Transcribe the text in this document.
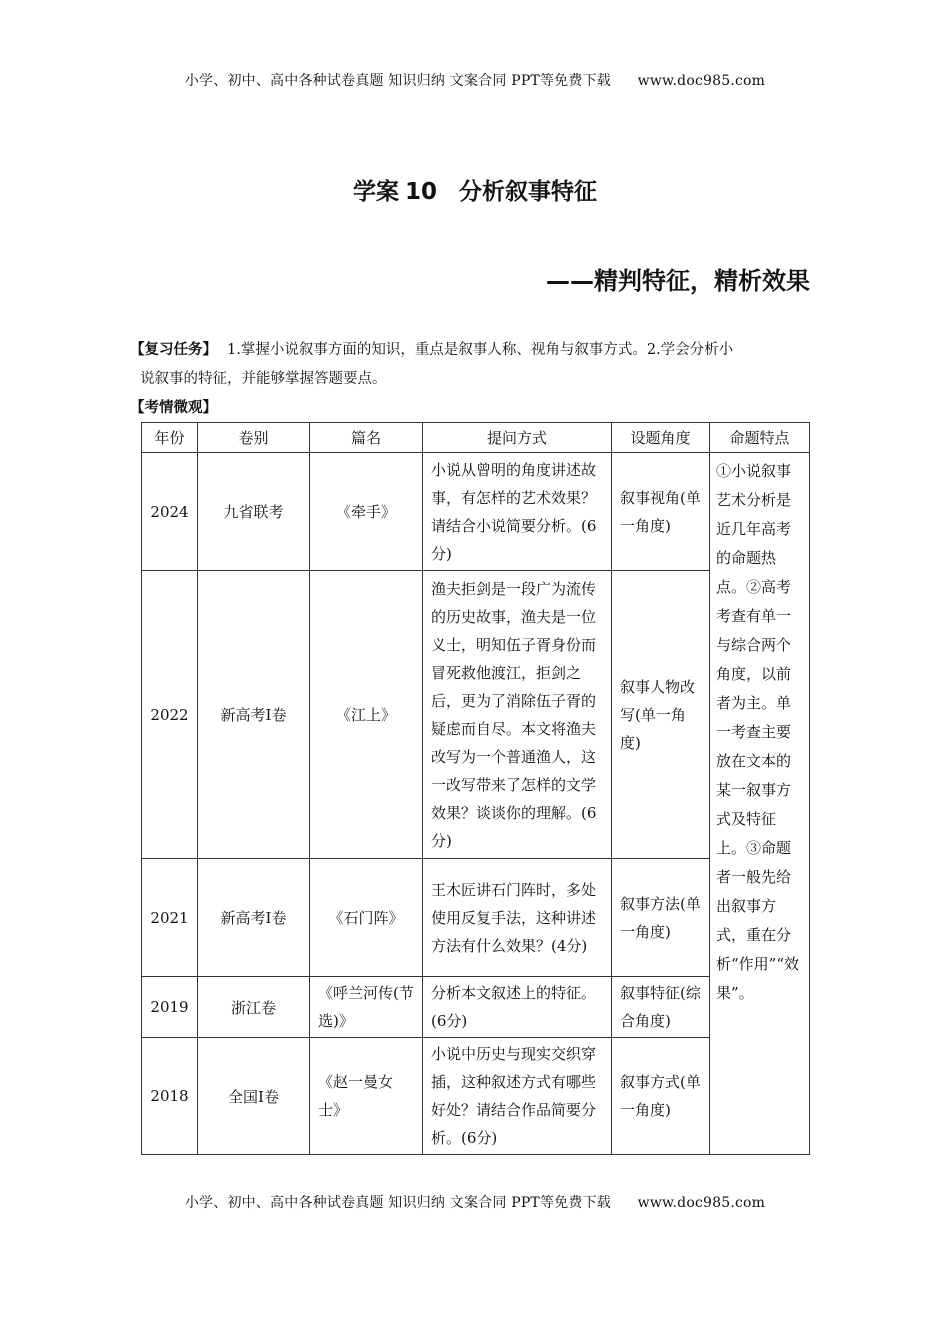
小学、初中、高中各种试卷真题 知识归纳 文案合同 PPT等免费下载 www.doc985.com
学案 10 分析叙事特征
——精判特征，精析效果
【复习任务】 1.掌握小说叙事方面的知识，重点是叙事人称、视角与叙事方式。2.学会分析小
说叙事的特征，并能够掌握答题要点。
【考情微观】
年份	卷别	篇名	提问方式	设题角度	命题特点
2024	九省联考	《牵手》	小说从曾明的角度讲述故事，有怎样的艺术效果？请结合小说简要分析。(6分)	叙事视角(单一角度)	①小说叙事艺术分析是近几年高考的命题热点。②高考考查有单一与综合两个角度，以前者为主。单一考查主要放在文本的某一叙事方式及特征上。③命题者一般先给出叙事方式，重在分析“作用”“效果”。

2022	新高考Ⅰ卷	《江上》	渔夫拒剑是一段广为流传的历史故事，渔夫是一位义士，明知伍子胥身份而冒死救他渡江，拒剑之后，更为了消除伍子胥的疑虑而自尽。本文将渔夫改写为一个普通渔人，这一改写带来了怎样的文学效果？谈谈你的理解。(6分)	叙事人物改写(单一角度)	

2021	新高考Ⅰ卷	《石门阵》	王木匠讲石门阵时，多处使用反复手法，这种讲述方法有什么效果？(4分)	叙事方法(单一角度)	

2019	浙江卷	《呼兰河传(节选)》	分析本文叙述上的特征。(6分)	叙事特征(综合角度)	

2018	全国Ⅰ卷	《赵一曼女士》	小说中历史与现实交织穿插，这种叙述方式有哪些好处？请结合作品简要分析。(6分)	叙事方式(单一角度)	
小学、初中、高中各种试卷真题 知识归纳 文案合同 PPT等免费下载 www.doc985.com
